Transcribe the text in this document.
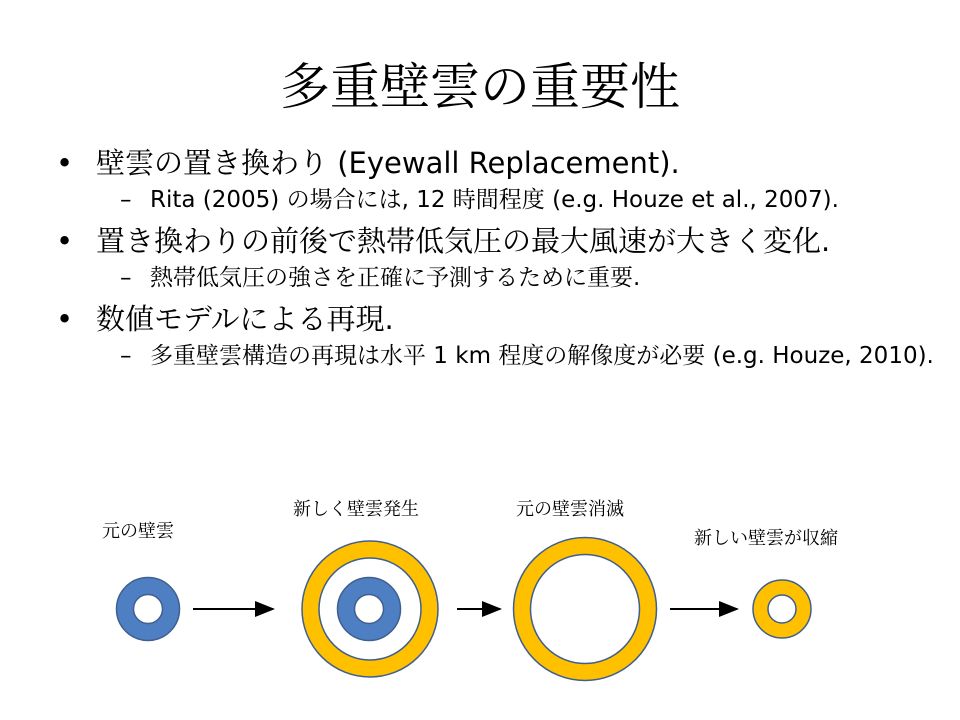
多重壁雲の重要性
• 壁雲の置き換わり (Eyewall Replacement).
– Rita (2005) の場合には, 12 時間程度 (e.g. Houze et al., 2007).
• 置き換わりの前後で熱帯低気圧の最大風速が大きく変化.
– 熱帯低気圧の強さを正確に予測するために重要.
• 数値モデルによる再現.
– 多重壁雲構造の再現は水平 1 km 程度の解像度が必要 (e.g. Houze, 2010).
元の壁雲
新しく壁雲発生	元の壁雲消滅
新しい壁雲が収縮
